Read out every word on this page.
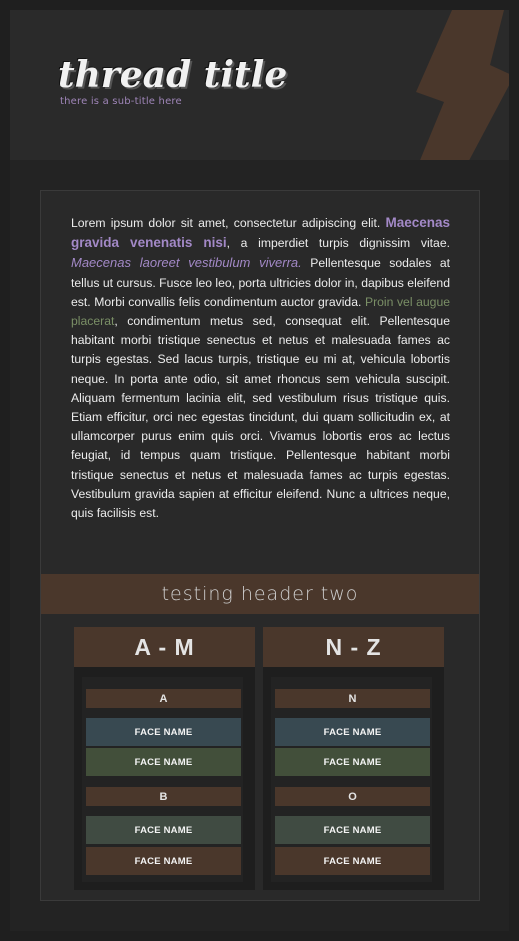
thread title
there is a sub-title here
Lorem ipsum dolor sit amet, consectetur adipiscing elit. Maecenas gravida venenatis nisi, a imperdiet turpis dignissim vitae. Maecenas laoreet vestibulum viverra. Pellentesque sodales at tellus ut cursus. Fusce leo leo, porta ultricies dolor in, dapibus eleifend est. Morbi convallis felis condimentum auctor gravida. Proin vel augue placerat, condimentum metus sed, consequat elit. Pellentesque habitant morbi tristique senectus et netus et malesuada fames ac turpis egestas. Sed lacus turpis, tristique eu mi at, vehicula lobortis neque. In porta ante odio, sit amet rhoncus sem vehicula suscipit. Aliquam fermentum lacinia elit, sed vestibulum risus tristique quis. Etiam efficitur, orci nec egestas tincidunt, dui quam sollicitudin ex, at ullamcorper purus enim quis orci. Vivamus lobortis eros ac lectus feugiat, id tempus quam tristique. Pellentesque habitant morbi tristique senectus et netus et malesuada fames ac turpis egestas. Vestibulum gravida sapien at efficitur eleifend. Nunc a ultrices neque, quis facilisis est.
testing header two
A - M
A
FACE NAME
FACE NAME
B
FACE NAME
FACE NAME
N - Z
N
FACE NAME
FACE NAME
O
FACE NAME
FACE NAME
